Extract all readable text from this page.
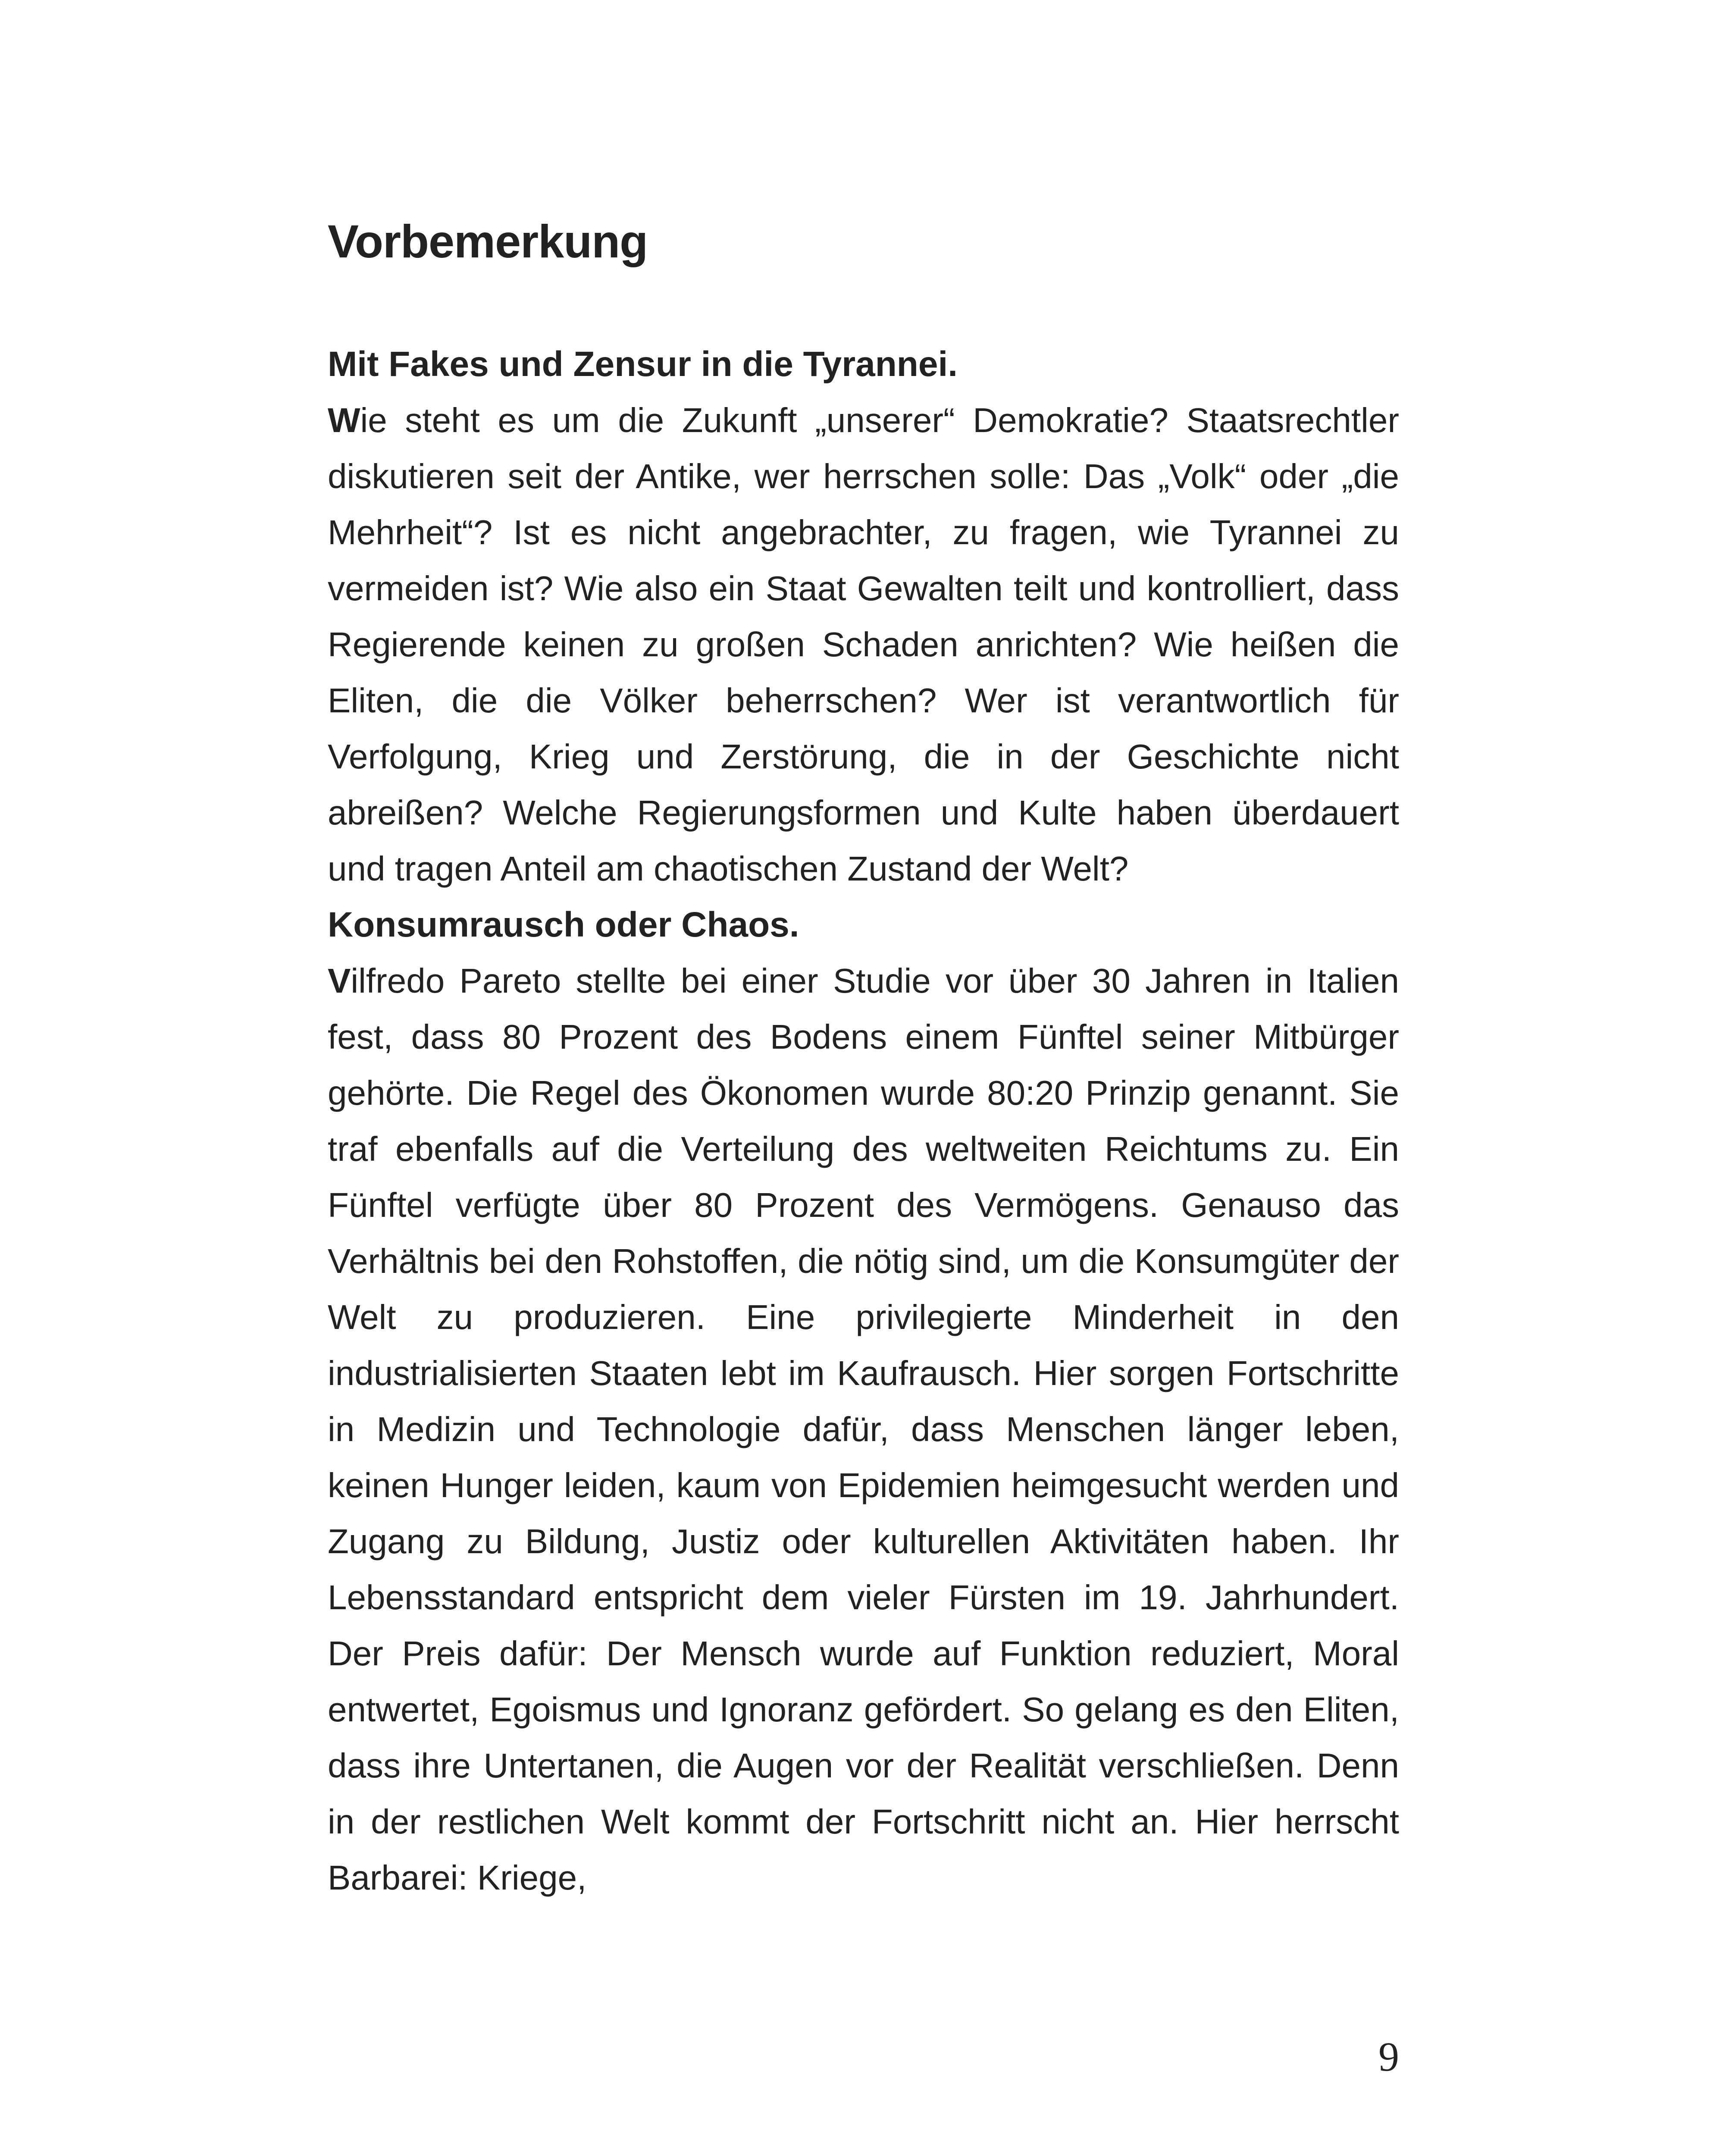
Vorbemerkung
Mit Fakes und Zensur in die Tyrannei.

Wie steht es um die Zukunft „unserer“ Demokratie? Staatsrechtler diskutieren seit der Antike, wer herrschen solle: Das „Volk“ oder „die Mehrheit“? Ist es nicht angebrachter, zu fragen, wie Tyrannei zu vermeiden ist? Wie also ein Staat Gewalten teilt und kontrolliert, dass Regierende keinen zu großen Schaden anrichten? Wie heißen die Eliten, die die Völker beherrschen? Wer ist verantwortlich für Verfolgung, Krieg und Zerstörung, die in der Geschichte nicht abreißen? Welche Regierungsformen und Kulte haben überdauert und tragen Anteil am chaotischen Zustand der Welt?

Konsumrausch oder Chaos.

Vilfredo Pareto stellte bei einer Studie vor über 30 Jahren in Italien fest, dass 80 Prozent des Bodens einem Fünftel seiner Mitbürger gehörte. Die Regel des Ökonomen wurde 80:20 Prinzip genannt. Sie traf ebenfalls auf die Verteilung des weltweiten Reichtums zu. Ein Fünftel verfügte über 80 Prozent des Vermögens. Genauso das Verhältnis bei den Rohstoffen, die nötig sind, um die Konsumgüter der Welt zu produzieren. Eine privilegierte Minderheit in den industrialisierten Staaten lebt im Kaufrausch. Hier sorgen Fortschritte in Medizin und Technologie dafür, dass Menschen länger leben, keinen Hunger leiden, kaum von Epidemien heimgesucht werden und Zugang zu Bildung, Justiz oder kulturellen Aktivitäten haben. Ihr Lebensstandard entspricht dem vieler Fürsten im 19. Jahrhundert. Der Preis dafür: Der Mensch wurde auf Funktion reduziert, Moral entwertet, Egoismus und Ignoranz gefördert. So gelang es den Eliten, dass ihre Untertanen, die Augen vor der Realität verschließen. Denn in der restlichen Welt kommt der Fortschritt nicht an. Hier herrscht Barbarei: Kriege,

9
